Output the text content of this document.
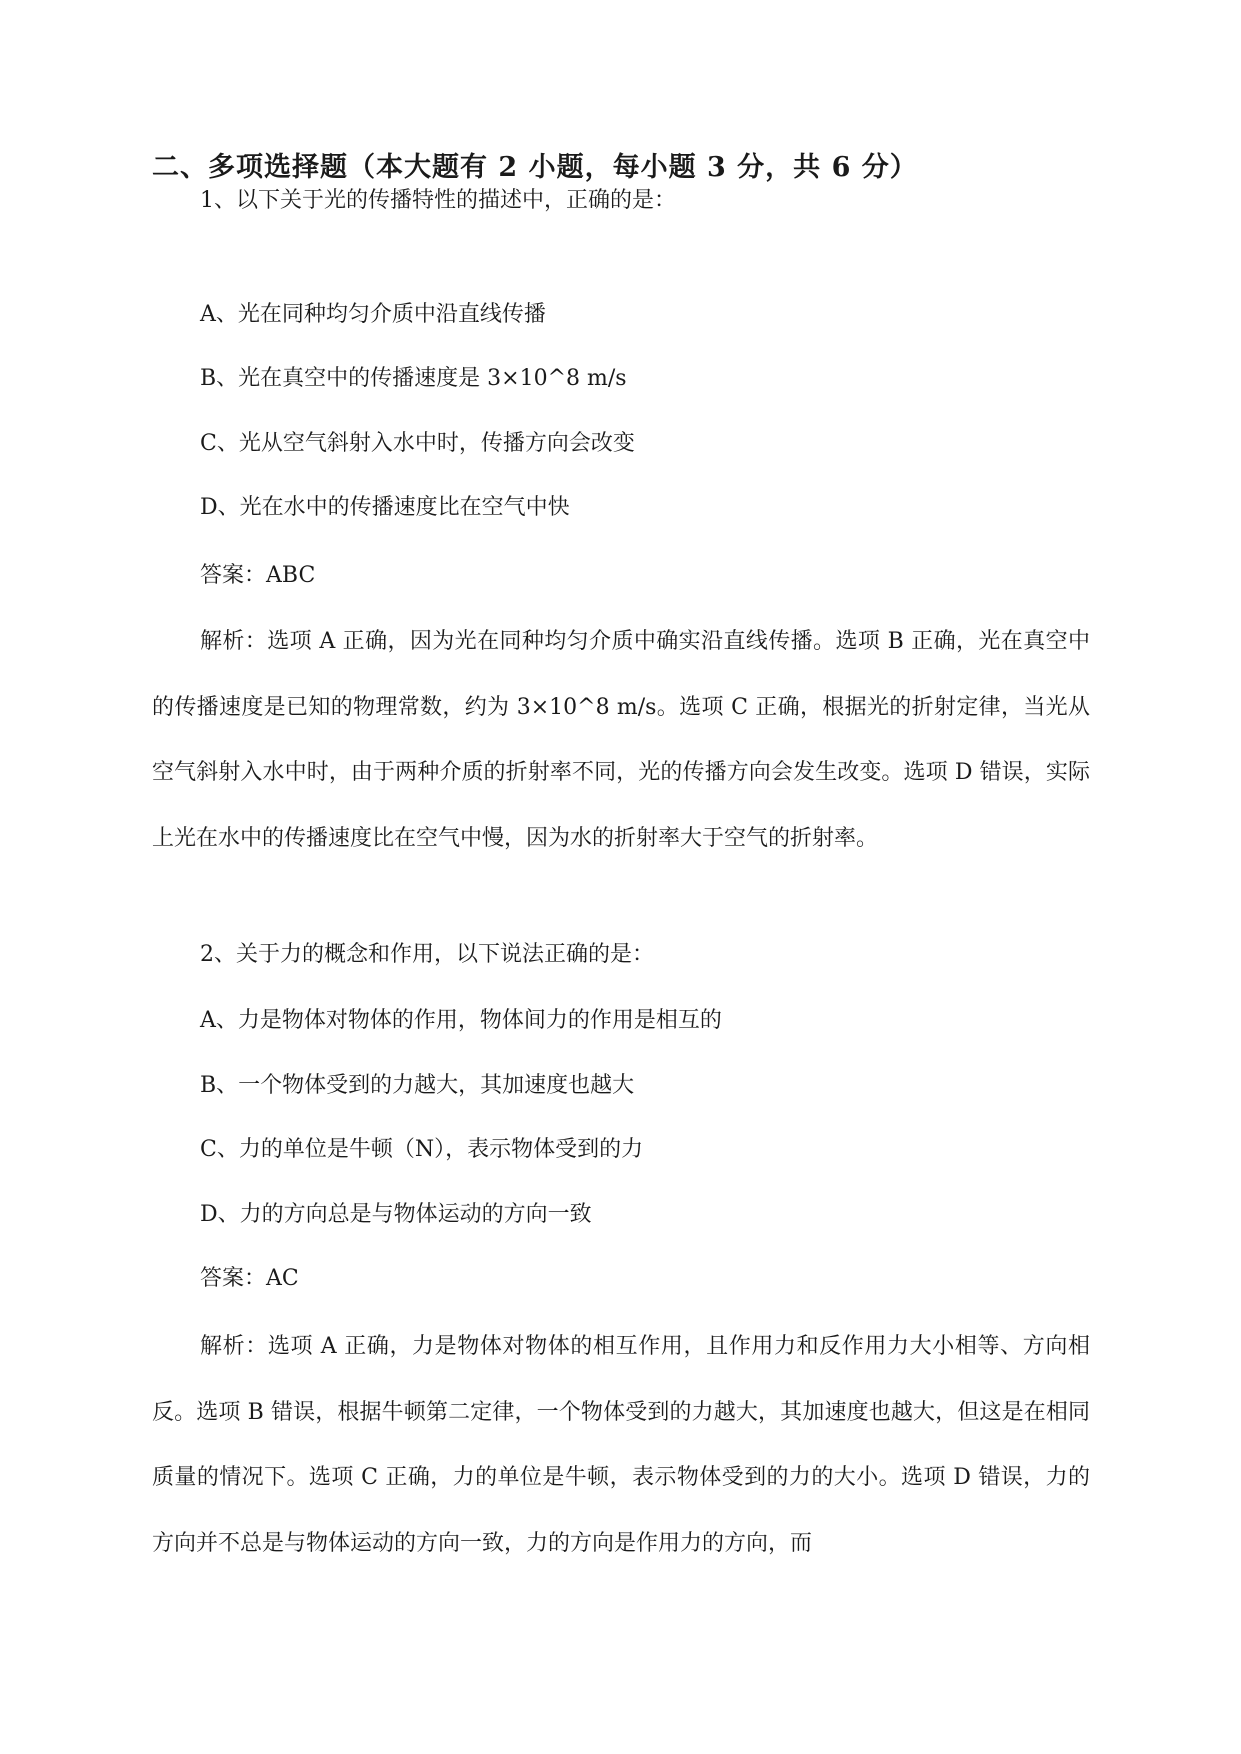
二、多项选择题（本大题有 2 小题，每小题 3 分，共 6 分）
1、以下关于光的传播特性的描述中，正确的是：
A、光在同种均匀介质中沿直线传播
B、光在真空中的传播速度是 3×10^8 m/s
C、光从空气斜射入水中时，传播方向会改变
D、光在水中的传播速度比在空气中快
答案：ABC
解析：选项 A 正确，因为光在同种均匀介质中确实沿直线传播。选项 B 正确，光在真空中的传播速度是已知的物理常数，约为 3×10^8 m/s。选项 C 正确，根据光的折射定律，当光从空气斜射入水中时，由于两种介质的折射率不同，光的传播方向会发生改变。选项 D 错误，实际上光在水中的传播速度比在空气中慢，因为水的折射率大于空气的折射率。
2、关于力的概念和作用，以下说法正确的是：
A、力是物体对物体的作用，物体间力的作用是相互的
B、一个物体受到的力越大，其加速度也越大
C、力的单位是牛顿（N），表示物体受到的力
D、力的方向总是与物体运动的方向一致
答案：AC
解析：选项 A 正确，力是物体对物体的相互作用，且作用力和反作用力大小相等、方向相反。选项 B 错误，根据牛顿第二定律，一个物体受到的力越大，其加速度也越大，但这是在相同质量的情况下。选项 C 正确，力的单位是牛顿，表示物体受到的力的大小。选项 D 错误，力的方向并不总是与物体运动的方向一致，力的方向是作用力的方向，而
